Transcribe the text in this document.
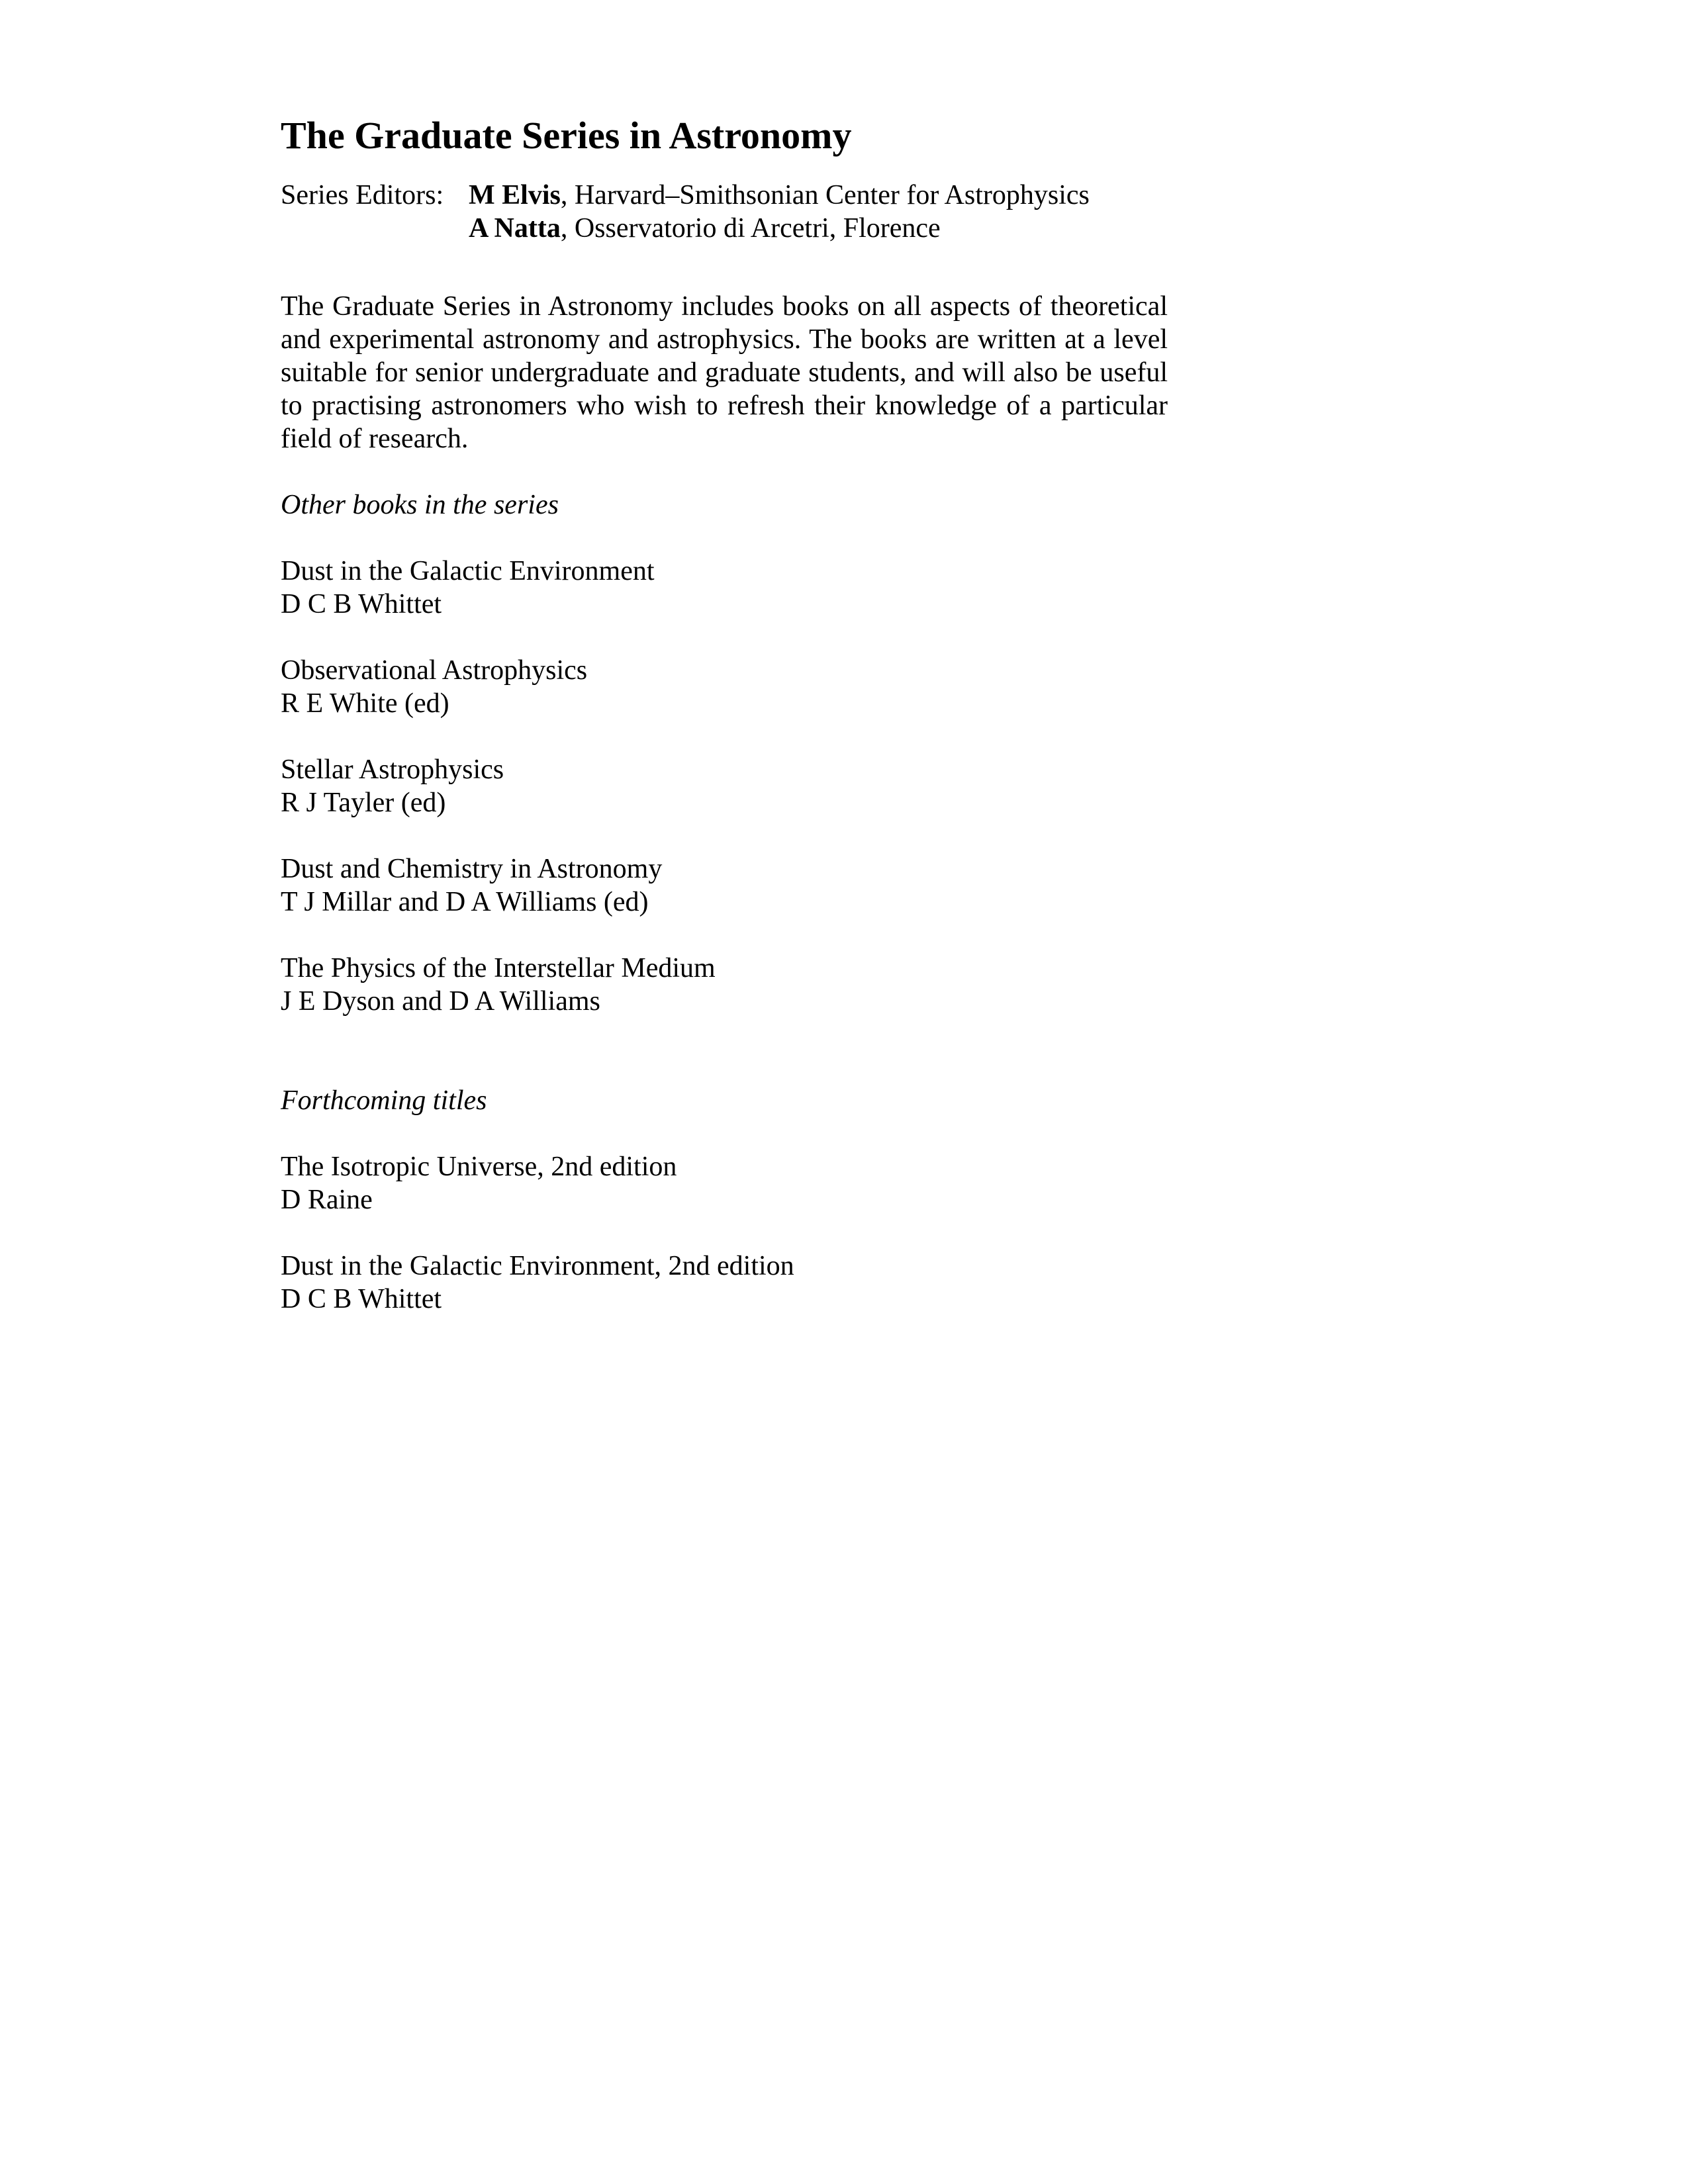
The Graduate Series in Astronomy
Series Editors: M Elvis, Harvard–Smithsonian Center for Astrophysics
A Natta, Osservatorio di Arcetri, Florence

The Graduate Series in Astronomy includes books on all aspects of theoretical and experimental astronomy and astrophysics. The books are written at a level suitable for senior undergraduate and graduate students, and will also be useful to practising astronomers who wish to refresh their knowledge of a particular field of research.

Other books in the series
Dust in the Galactic Environment
D C B Whittet
Observational Astrophysics
R E White (ed)
Stellar Astrophysics
R J Tayler (ed)
Dust and Chemistry in Astronomy
T J Millar and D A Williams (ed)
The Physics of the Interstellar Medium
J E Dyson and D A Williams
Forthcoming titles
The Isotropic Universe, 2nd edition
D Raine
Dust in the Galactic Environment, 2nd edition
D C B Whittet
